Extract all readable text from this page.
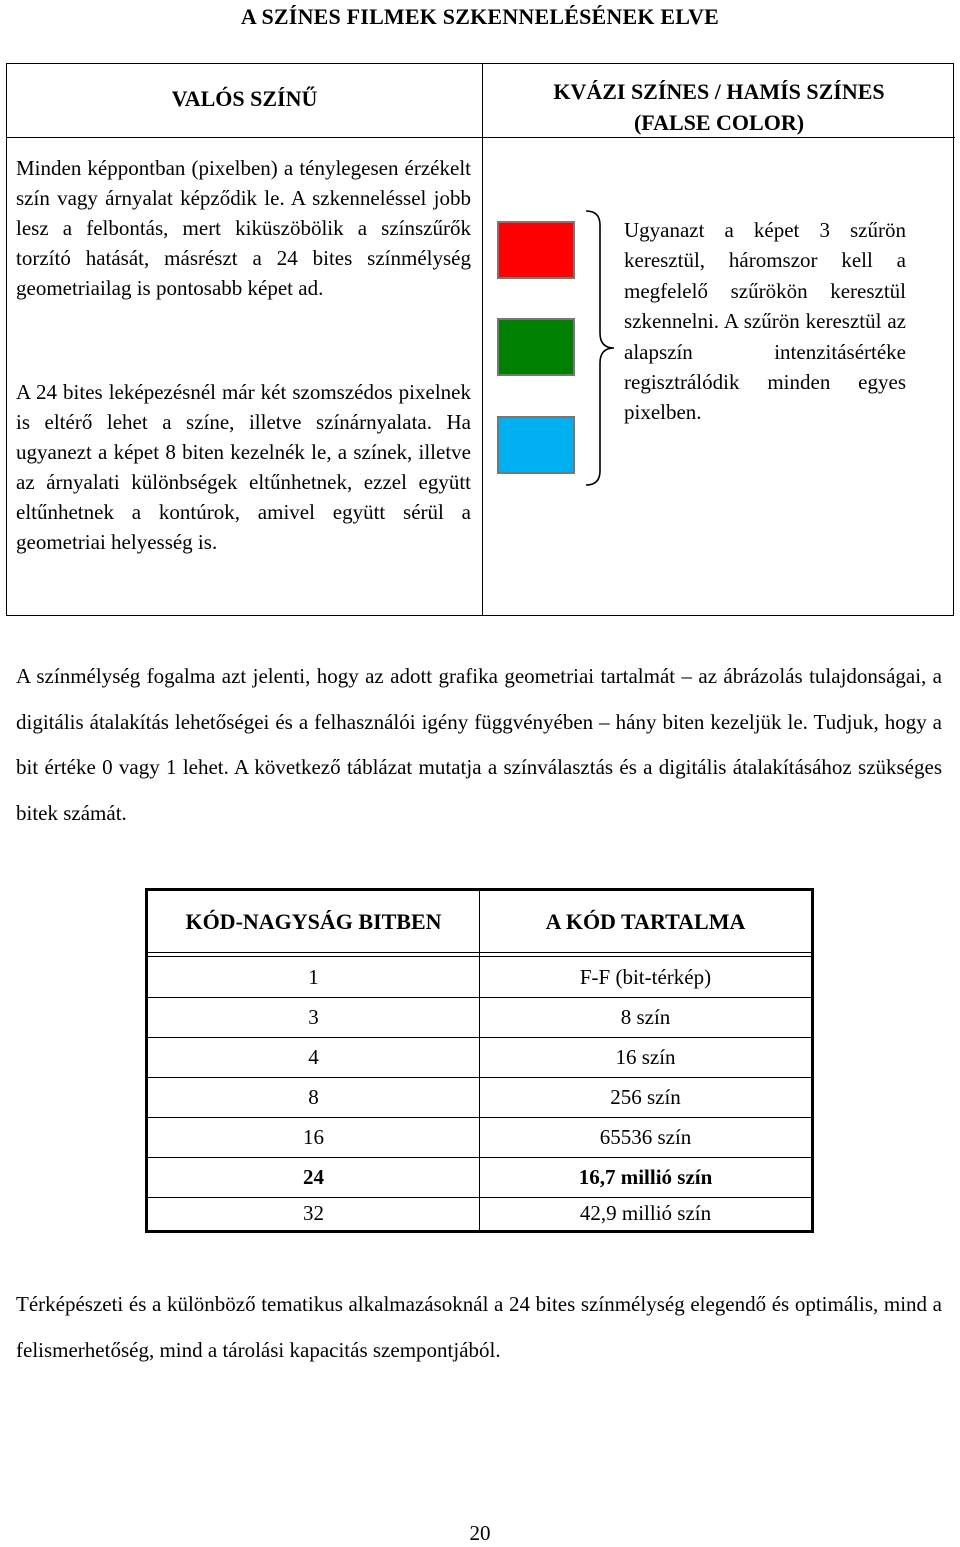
A SZÍNES FILMEK SZKENNELÉSÉNEK ELVE
VALÓS SZÍNŰ	KVÁZI SZÍNES / HAMÍS SZÍNES
(FALSE COLOR)

Minden képpontban (pixelben) a ténylegesen érzékelt szín vagy árnyalat képződik le. A szkenneléssel jobb lesz a felbontás, mert kiküszöbölik a színszűrők torzító hatását, másrészt a 24 bites színmélység geometriailag is pontosabb képet ad.

A 24 bites leképezésnél már két szomszédos pixelnek is eltérő lehet a színe, illetve színárnyalata. Ha ugyanezt a képet 8 biten kezelnék le, a színek, illetve az árnyalati különbségek eltűnhetnek, ezzel együtt eltűnhetnek a kontúrok, amivel együtt sérül a geometriai helyesség is.

Ugyanazt a képet 3 szűrön keresztül, háromszor kell a megfelelő szűrökön keresztül szkennelni. A szűrön keresztül az alapszín intenzitásértéke regisztrálódik minden egyes pixelben.

A színmélység fogalma azt jelenti, hogy az adott grafika geometriai tartalmát – az ábrázolás tulajdonságai, a digitális átalakítás lehetőségei és a felhasználói igény függvényében – hány biten kezeljük le. Tudjuk, hogy a bit értéke 0 vagy 1 lehet. A következő táblázat mutatja a színválasztás és a digitális átalakításához szükséges bitek számát.

KÓD-NAGYSÁG BITBEN	A KÓD TARTALMA
1	F-F (bit-térkép)
3	8 szín
4	16 szín
8	256 szín
16	65536 szín
24	16,7 millió szín
32	42,9 millió szín

Térképészeti és a különböző tematikus alkalmazásoknál a 24 bites színmélység elegendő és optimális, mind a felismerhetőség, mind a tárolási kapacitás szempontjából.

20
